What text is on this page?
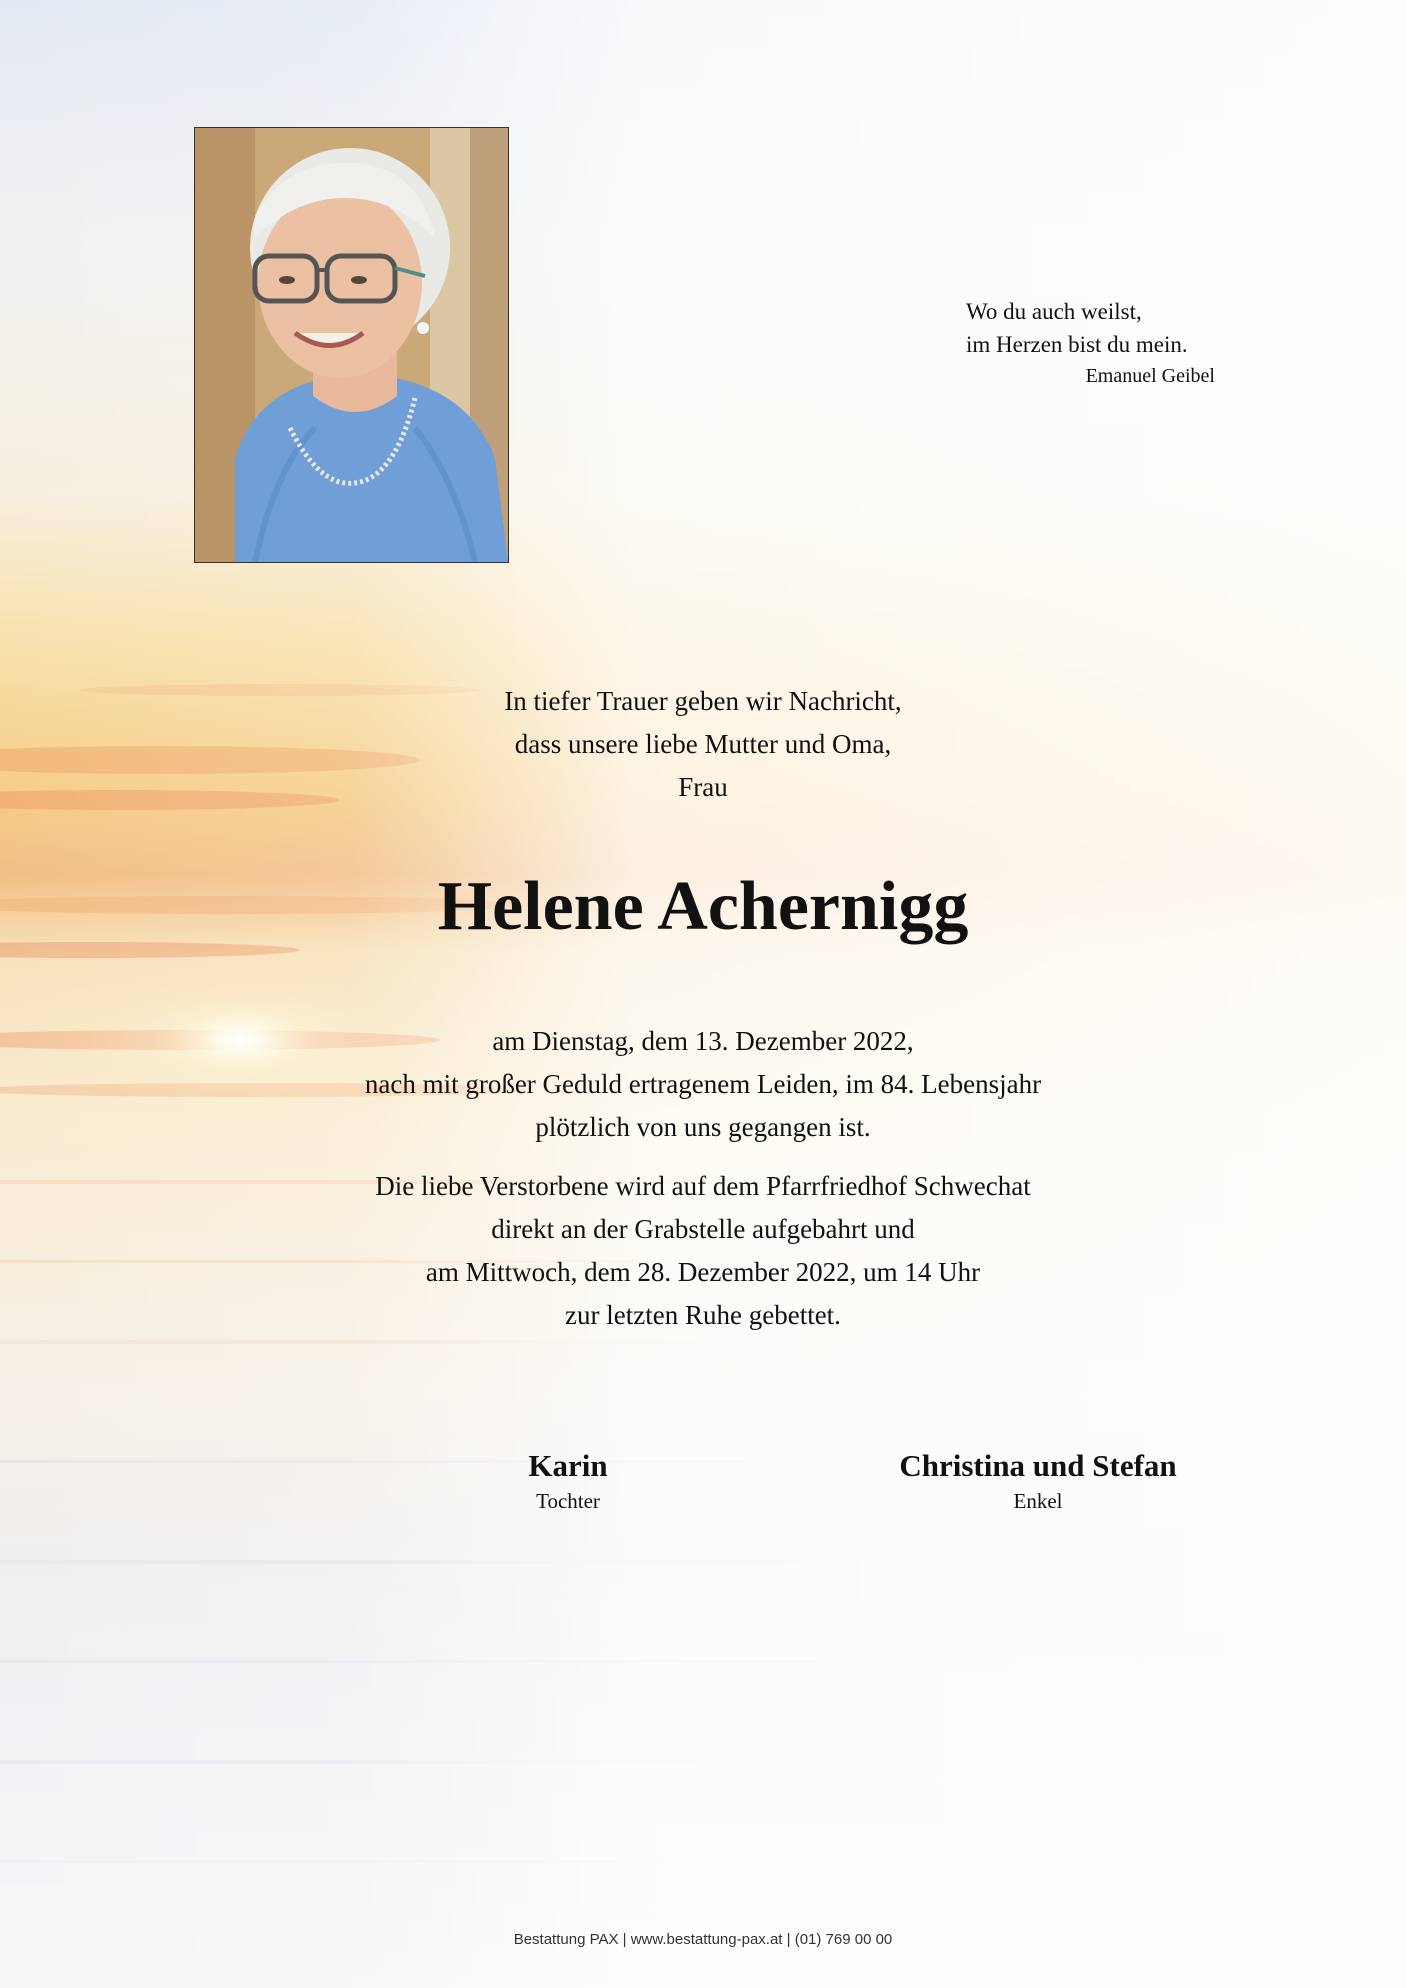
Wo du auch weilst,
im Herzen bist du mein.
Emanuel Geibel
In tiefer Trauer geben wir Nachricht,
dass unsere liebe Mutter und Oma,
Frau
Helene Achernigg
am Dienstag, dem 13. Dezember 2022,
nach mit großer Geduld ertragenem Leiden, im 84. Lebensjahr
plötzlich von uns gegangen ist.
Die liebe Verstorbene wird auf dem Pfarrfriedhof Schwechat
direkt an der Grabstelle aufgebahrt und
am Mittwoch, dem 28. Dezember 2022, um 14 Uhr
zur letzten Ruhe gebettet.
Karin
Tochter
Christina und Stefan
Enkel
Bestattung PAX | www.bestattung-pax.at | (01) 769 00 00
